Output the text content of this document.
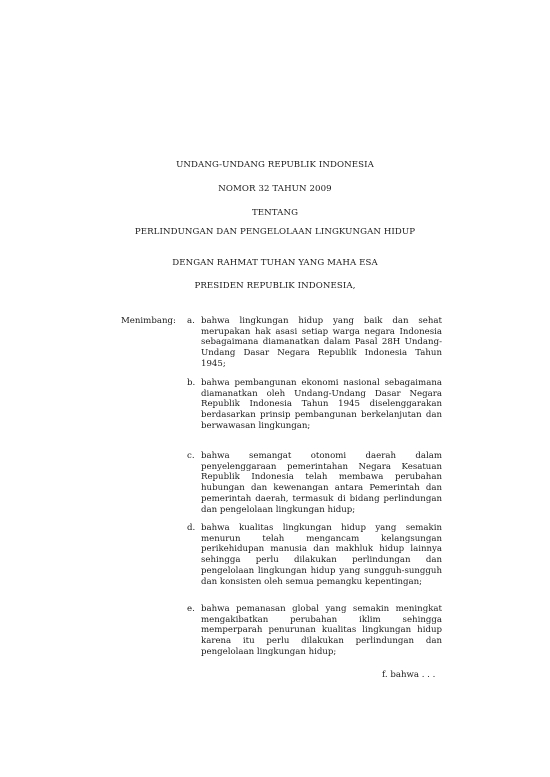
UNDANG-UNDANG REPUBLIK INDONESIA
NOMOR 32 TAHUN 2009
TENTANG
PERLINDUNGAN DAN PENGELOLAAN LINGKUNGAN HIDUP
DENGAN RAHMAT TUHAN YANG MAHA ESA
PRESIDEN REPUBLIK INDONESIA,
Menimbang : a. bahwa lingkungan hidup yang baik dan sehat merupakan hak asasi setiap warga negara Indonesia sebagaimana diamanatkan dalam Pasal 28H Undang-Undang Dasar Negara Republik Indonesia Tahun 1945;

b. bahwa pembangunan ekonomi nasional sebagaimana diamanatkan oleh Undang-Undang Dasar Negara Republik Indonesia Tahun 1945 diselenggarakan berdasarkan prinsip pembangunan berkelanjutan dan berwawasan lingkungan;

c. bahwa semangat otonomi daerah dalam penyelenggaraan pemerintahan Negara Kesatuan Republik Indonesia telah membawa perubahan hubungan dan kewenangan antara Pemerintah dan pemerintah daerah, termasuk di bidang perlindungan dan pengelolaan lingkungan hidup;

d. bahwa kualitas lingkungan hidup yang semakin menurun telah mengancam kelangsungan perikehidupan manusia dan makhluk hidup lainnya sehingga perlu dilakukan perlindungan dan pengelolaan lingkungan hidup yang sungguh-sungguh dan konsisten oleh semua pemangku kepentingan;

e. bahwa pemanasan global yang semakin meningkat mengakibatkan perubahan iklim sehingga memperparah penurunan kualitas lingkungan hidup karena itu perlu dilakukan perlindungan dan pengelolaan lingkungan hidup;

f. bahwa . . .
